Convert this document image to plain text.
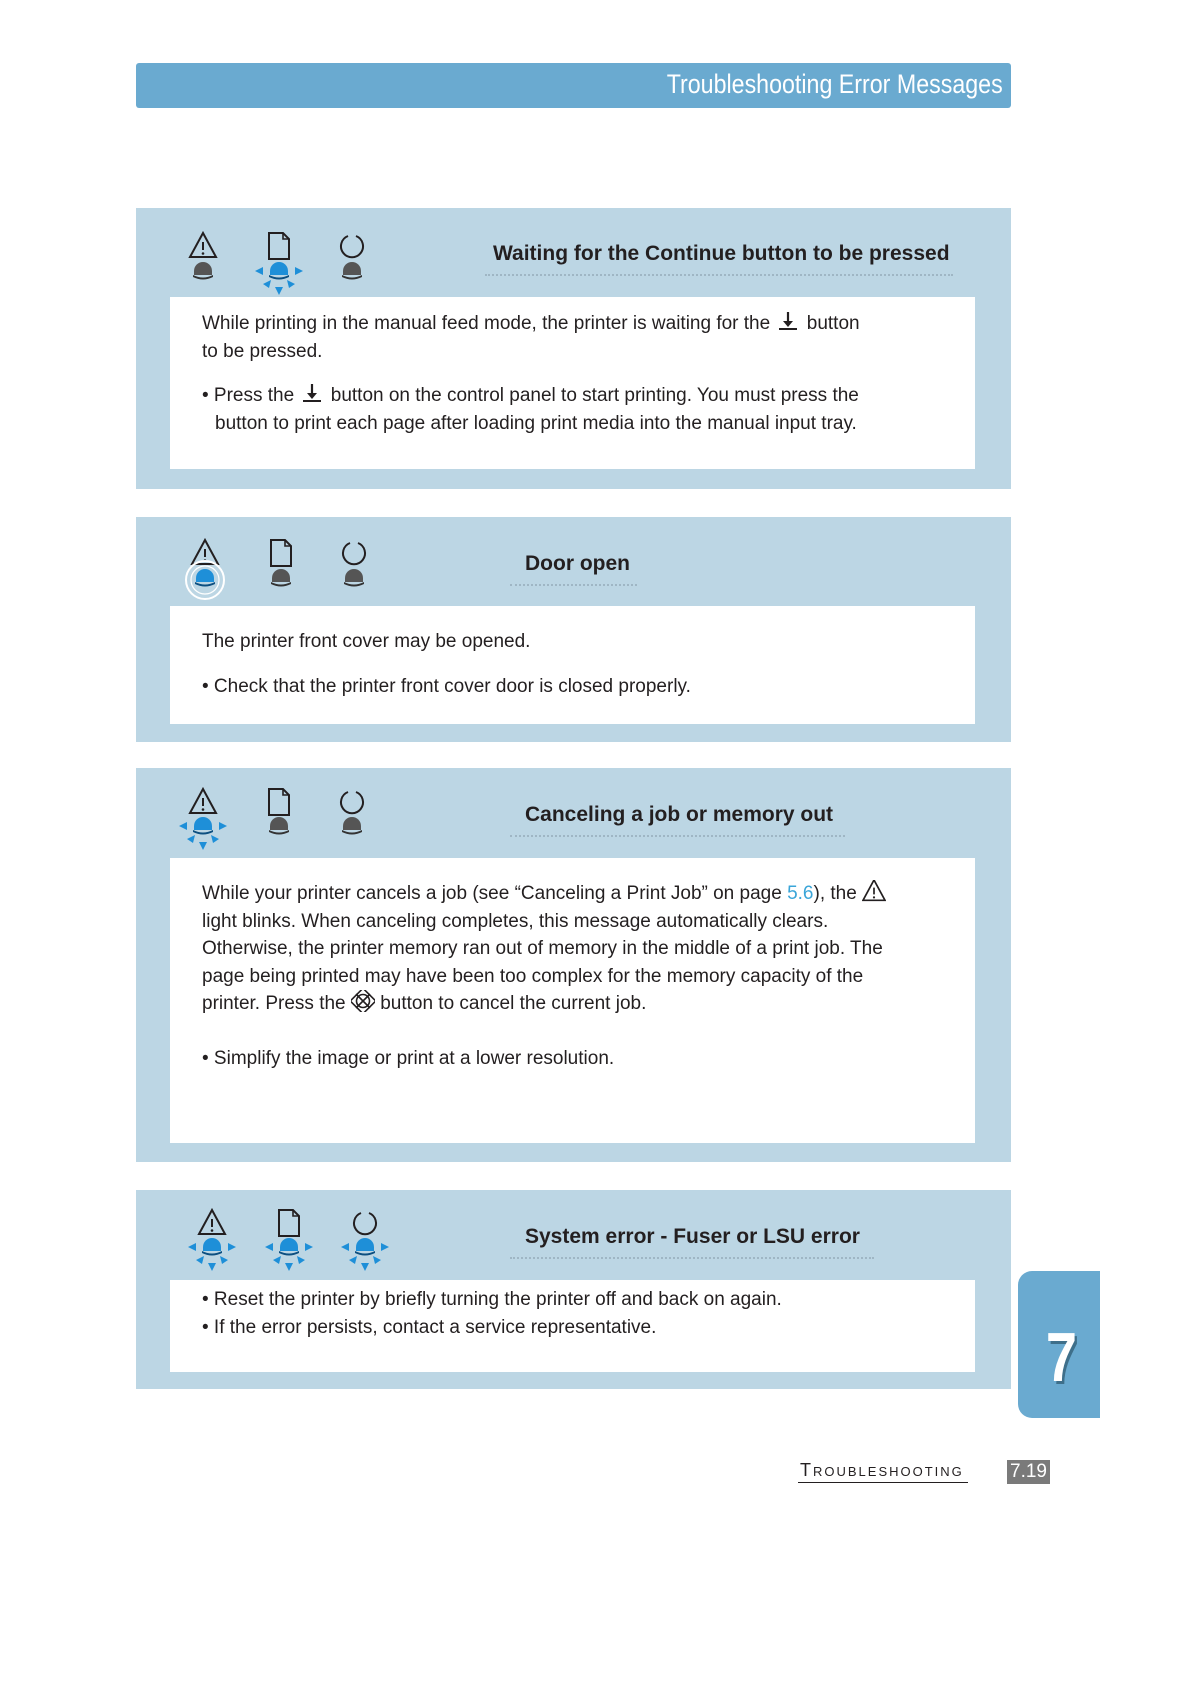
Troubleshooting Error Messages
Waiting for the Continue button to be pressed

While printing in the manual feed mode, the printer is waiting for the button
to be pressed.

• Press the button on the control panel to start printing. You must press the
button to print each page after loading print media into the manual input tray.

Door open

The printer front cover may be opened.

• Check that the printer front cover door is closed properly.

Canceling a job or memory out

While your printer cancels a job (see “Canceling a Print Job” on page 5.6), the
light blinks. When canceling completes, this message automatically clears.
Otherwise, the printer memory ran out of memory in the middle of a print job. The
page being printed may have been too complex for the memory capacity of the
printer. Press the button to cancel the current job.

• Simplify the image or print at a lower resolution.

System error - Fuser or LSU error

• Reset the printer by briefly turning the printer off and back on again.

• If the error persists, contact a service representative.	7
Troubleshooting 7.19
